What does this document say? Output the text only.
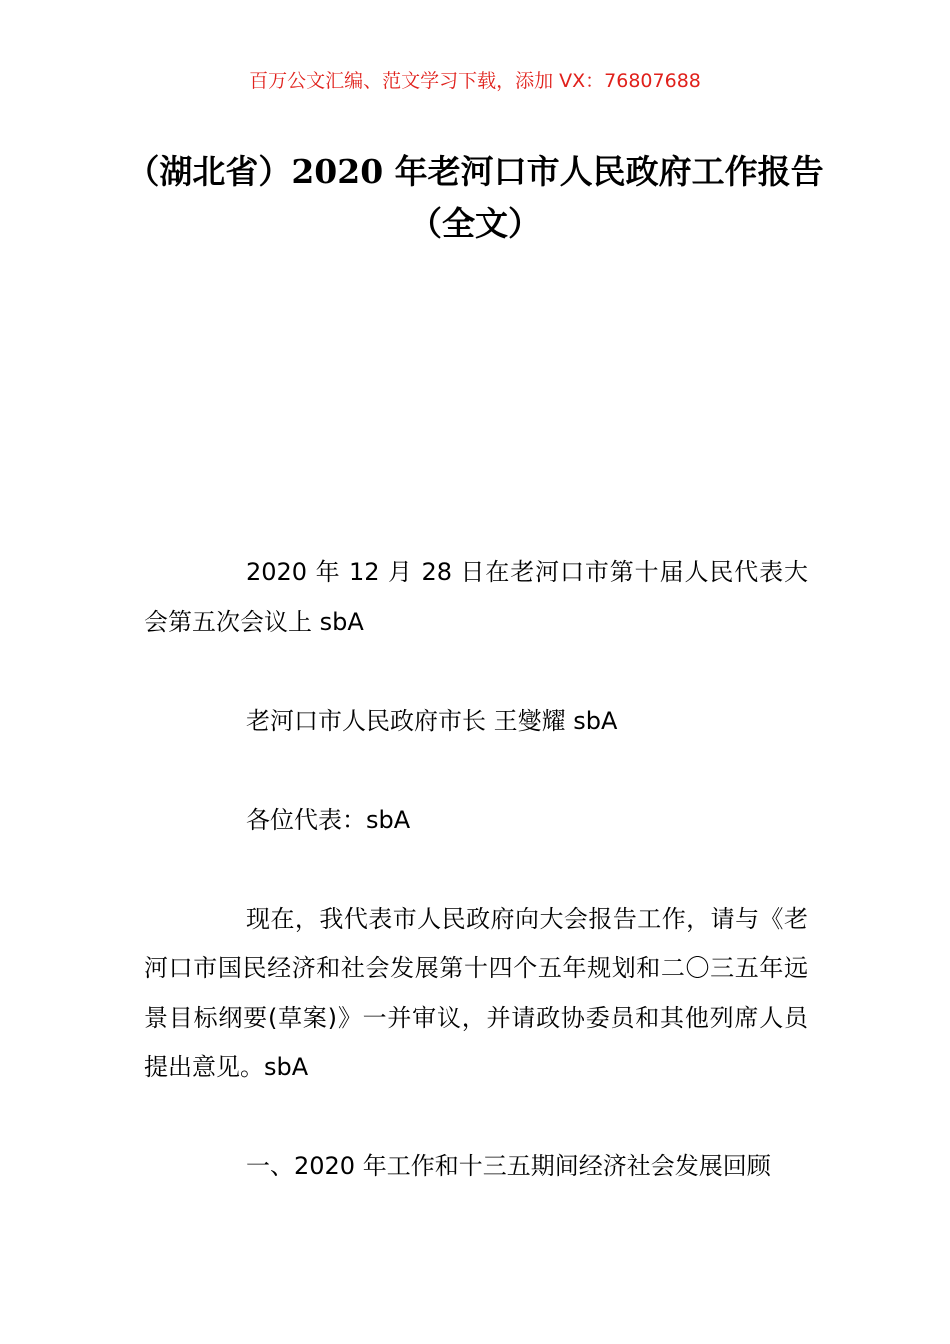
百万公文汇编、范文学习下载，添加 VX：76807688
（湖北省）2020 年老河口市人民政府工作报告（全文）

2020 年 12 月 28 日在老河口市第十届人民代表大会第五次会议上 sbA

老河口市人民政府市长 王燮耀 sbA

各位代表：sbA

现在，我代表市人民政府向大会报告工作，请与《老河口市国民经济和社会发展第十四个五年规划和二〇三五年远景目标纲要(草案)》一并审议，并请政协委员和其他列席人员提出意见。sbA

一、2020 年工作和十三五期间经济社会发展回顾
